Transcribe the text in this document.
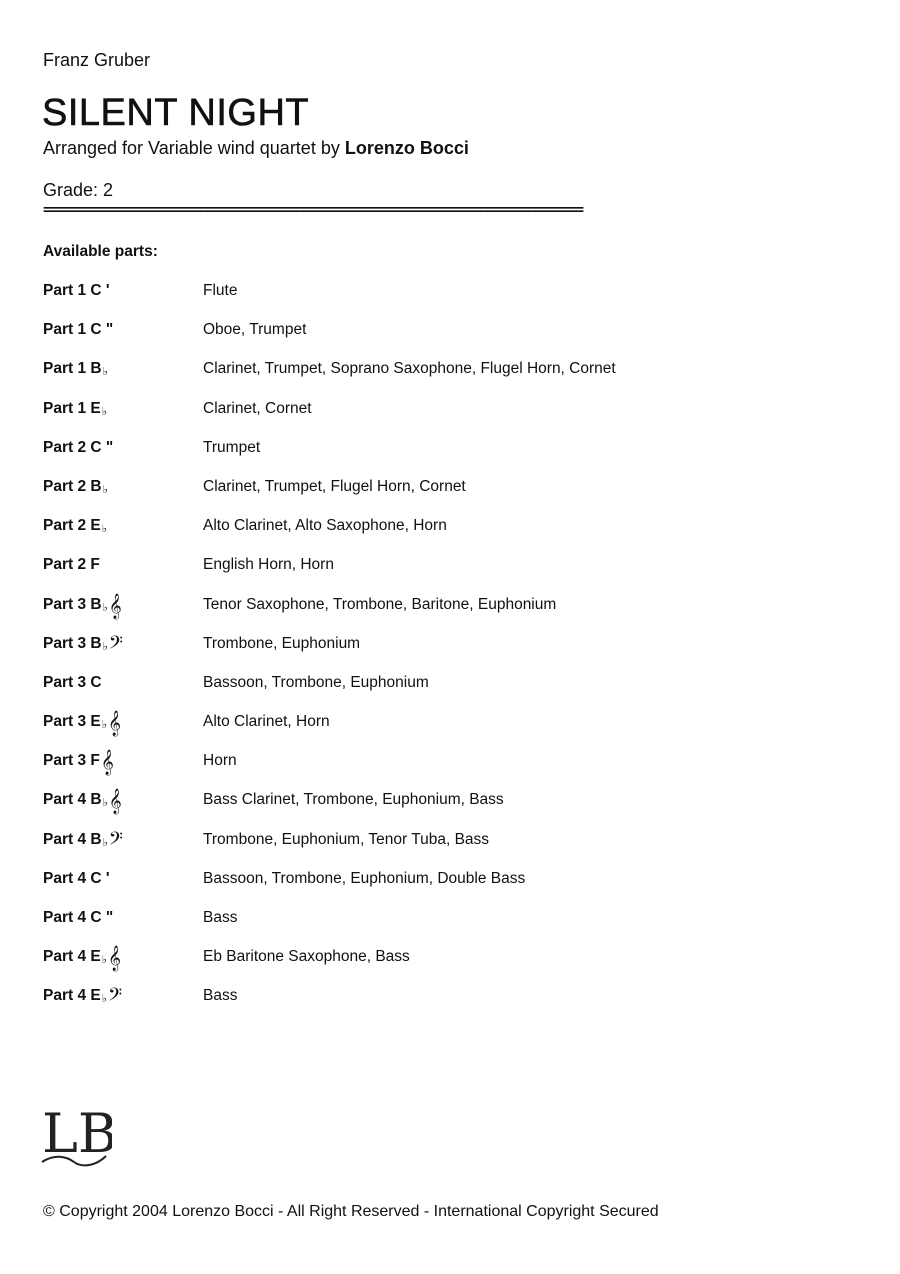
Franz Gruber
SILENT NIGHT
Arranged for Variable wind quartet by Lorenzo Bocci
Grade: 2
===============================================================================
Available parts:
Part 1 C '	Flute
Part 1 C "	Oboe, Trumpet
Part 1 B♭	Clarinet, Trumpet, Soprano Saxophone, Flugel Horn, Cornet
Part 1 E♭	Clarinet, Cornet
Part 2 C "	Trumpet
Part 2 B♭	Clarinet, Trumpet, Flugel Horn, Cornet
Part 2 E♭	Alto Clarinet, Alto Saxophone, Horn
Part 2 F	English Horn, Horn
Part 3 B♭𝄞	Tenor Saxophone, Trombone, Baritone, Euphonium
Part 3 B♭𝄢	Trombone, Euphonium
Part 3 C	Bassoon, Trombone, Euphonium
Part 3 E♭𝄞	Alto Clarinet, Horn
Part 3 F𝄞	Horn
Part 4 B♭𝄞	Bass Clarinet, Trombone, Euphonium, Bass
Part 4 B♭𝄢	Trombone, Euphonium, Tenor Tuba, Bass
Part 4 C '	Bassoon, Trombone, Euphonium, Double Bass
Part 4 C "	Bass
Part 4 E♭𝄞	Eb Baritone Saxophone, Bass
Part 4 E♭𝄢	Bass
LB
© Copyright 2004 Lorenzo Bocci - All Right Reserved - International Copyright Secured
